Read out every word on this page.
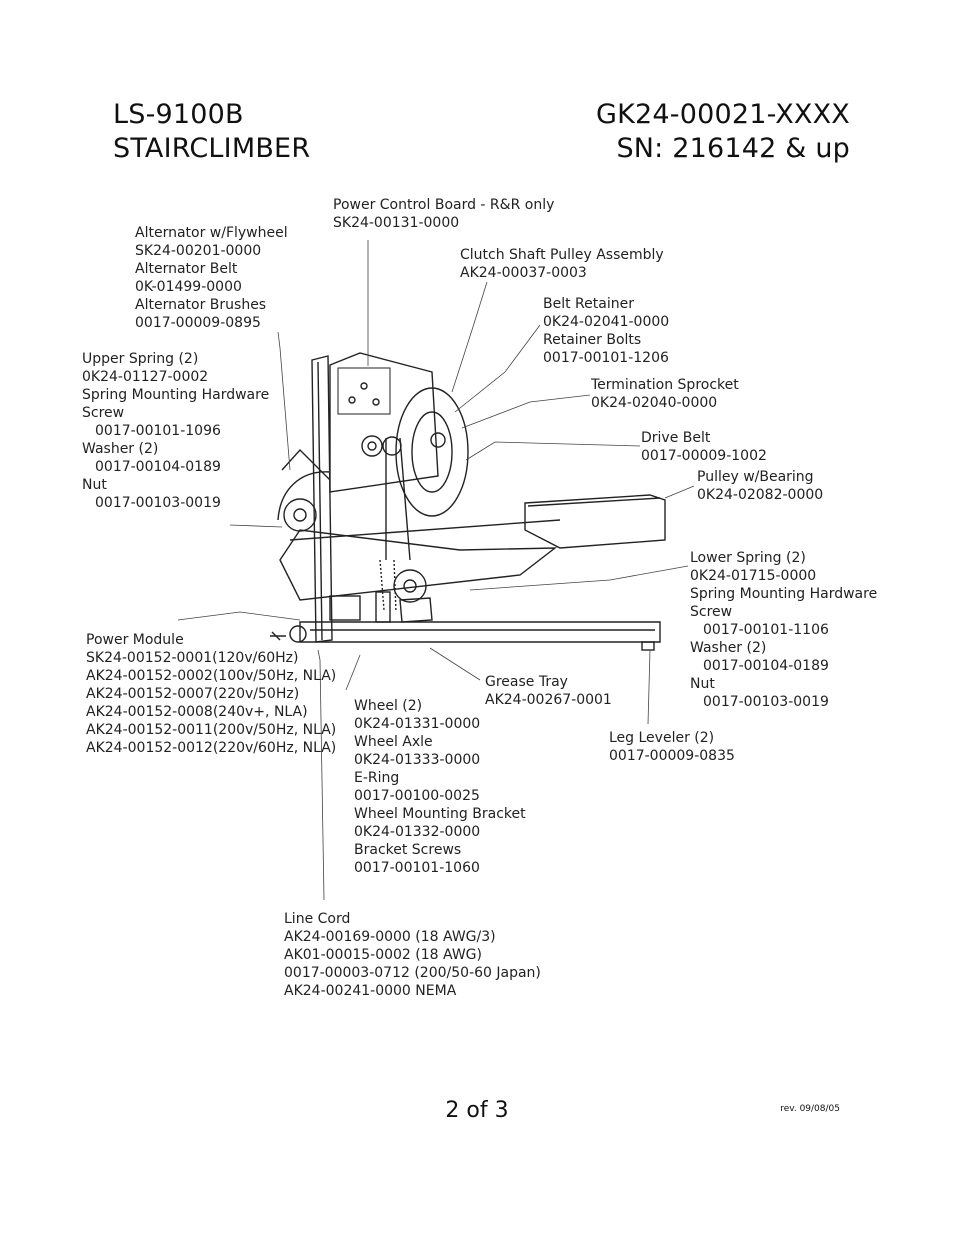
LS-9100B
STAIRCLIMBER
GK24-00021-XXXX
SN: 216142 & up
Power Control Board - R&R only
SK24-00131-0000
Alternator w/Flywheel
SK24-00201-0000
Alternator Belt
0K-01499-0000
Alternator Brushes
0017-00009-0895
Clutch Shaft Pulley Assembly
AK24-00037-0003
Belt Retainer
0K24-02041-0000
Retainer Bolts
0017-00101-1206
Termination Sprocket
0K24-02040-0000
Upper Spring (2)
0K24-01127-0002
Spring Mounting Hardware
Screw
0017-00101-1096
Washer (2)
0017-00104-0189
Nut
0017-00103-0019
Drive Belt
0017-00009-1002
Pulley w/Bearing
0K24-02082-0000
Lower Spring (2)
0K24-01715-0000
Spring Mounting Hardware
Screw
0017-00101-1106
Washer (2)
0017-00104-0189
Nut
0017-00103-0019
Power Module
SK24-00152-0001(120v/60Hz)
AK24-00152-0002(100v/50Hz, NLA)
AK24-00152-0007(220v/50Hz)
AK24-00152-0008(240v+, NLA)
AK24-00152-0011(200v/50Hz, NLA)
AK24-00152-0012(220v/60Hz, NLA)
Grease Tray
AK24-00267-0001
Wheel (2)
0K24-01331-0000
Wheel Axle
0K24-01333-0000
E-Ring
0017-00100-0025
Wheel Mounting Bracket
0K24-01332-0000
Bracket Screws
0017-00101-1060
Leg Leveler (2)
0017-00009-0835
Line Cord
AK24-00169-0000 (18 AWG/3)
AK01-00015-0002 (18 AWG)
0017-00003-0712 (200/50-60 Japan)
AK24-00241-0000 NEMA
2 of 3	rev. 09/08/05
